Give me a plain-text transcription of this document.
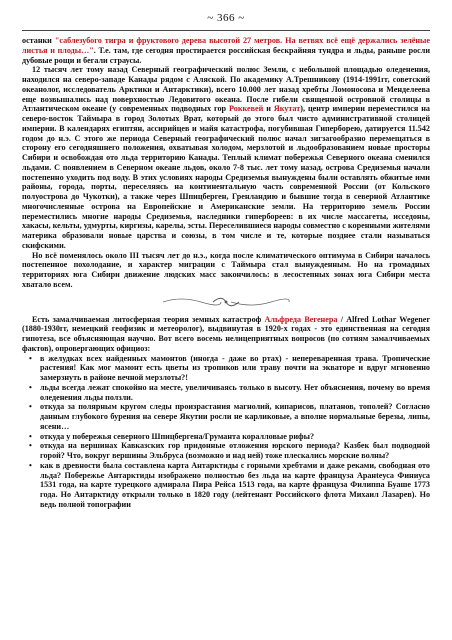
~ 366 ~

останки "саблезубого тигра и фруктового дерева высотой 27 метров. На ветвях всё ещё держались зелёные листья и плоды…". Т.е. там, где сегодня простирается российская бескрайняя тундра и льды, раньше росли дубовые рощи и бегали страусы.

12 тысяч лет тому назад Северный географический полюс Земли, с небольшой площадью оледенения, находился на северо-западе Канады рядом с Аляской. По академику А.Трешникову (1914-1991гг, советский океанолог, исследователь Арктики и Антарктики), всего 10.000 лет назад хребты Ломоносова и Менделеева еще возвышались над поверхностью Ледовитого океана. После гибели священной островной столицы в Атлантическом океане (у современных подводных гор Роккевей и Якутат), центр империи переместился на северо-восток Таймыра в город Золотых Врат, который до этого был чисто административной столицей империи. В календарях египтян, ассирийцев и майя катастрофа, погубившая Гиперборею, датируется 11.542 годом до н.э. С этого же периода Северный географический полюс начал зигзагообразно перемещаться в сторону его сегодняшнего положения, охватывая холодом, мерзлотой и льдообразованием новые просторы Сибири и освобождая ото льда территорию Канады. Теплый климат побережья Северного океана сменился льдами. С появлением в Северном океане льдов, около 7-8 тыс. лет тому назад, острова Средиземья начали постепенно уходить под воду. В этих условиях народы Средиземья вынуждены были оставлять обжитые ими районы, города, порты, переселяясь на континентальную часть современной России (от Кольского полуострова до Чукотки), а также через Шпицберген, Гренландию и бывшие тогда в северной Атлантике многочисленные острова на Европейские и Американские земли. На территорию земель России переместились многие народы Средиземья, наследники гипербореев: в их числе массагеты, исседоны, хакасы, кельты, удмурты, киргизы, карелы, эсты. Переселившиеся народы совместно с коренными жителями материка образовали новые царства и союзы, в том числе и те, которые позднее стали называться скифскими.

Но всё поменялось около III тысяч лет до н.э., когда после климатического оптимума в Сибири началось постепенное похолодание, и характер миграции с Таймыра стал вынужденным. Но на громадных территориях юга Сибири движение людских масс закончилось: в лесостепных зонах юга Сибири места хватало всем.

Есть замалчиваемая литосферная теория земных катастроф Альфреда Вегенера / Alfred Lothar Wegener (1880-1930гг, немецкий геофизик и метеоролог), выдвинутая в 1920-х годах - это единственная на сегодня гипотеза, все объясняющая научно. Вот всего восемь нелицеприятных вопросов (по сотням замалчиваемых фактов), опровергающих официоз:

• в желудках всех найденных мамонтов (иногда - даже во ртах) - непереваренная трава. Тропические растения! Как мог мамонт есть цветы из тропиков или траву почти на экваторе и вдруг мгновенно замерзнуть в районе вечной мерзлоты?!
• льды всегда лежат спокойно на месте, увеличиваясь только в высоту. Нет объяснения, почему во время оледенения льды ползли.
• откуда за полярным кругом следы произрастания магнолий, кипарисов, платанов, тополей? Согласно данным глубокого бурения на севере Якутии росли не карликовые, а вполне нормальные березы, липы, ясени…
• откуда у побережья северного Шпицбергена/Груманта коралловые рифы?
• откуда на вершинах Кавказских гор придонные отложения юрского периода? Казбек был подводной горой? Что, вокруг вершины Эльбруса (возможно и над ней) тоже плескались морские волны?
• как в древности была составлена карта Антарктиды с горными хребтами и даже реками, свободная ото льда? Побережье Антарктиды изображено полностью без льда на карте француза Аранteуса Финиуса 1531 года, на карте турецкого адмирала Пира Рейса 1513 года, на карте француза Филиппа Буаше 1773 года. Но Антарктиду открыли только в 1820 году (лейтенант Российского флота Михаил Лазарев). Но ведь полной топографии
